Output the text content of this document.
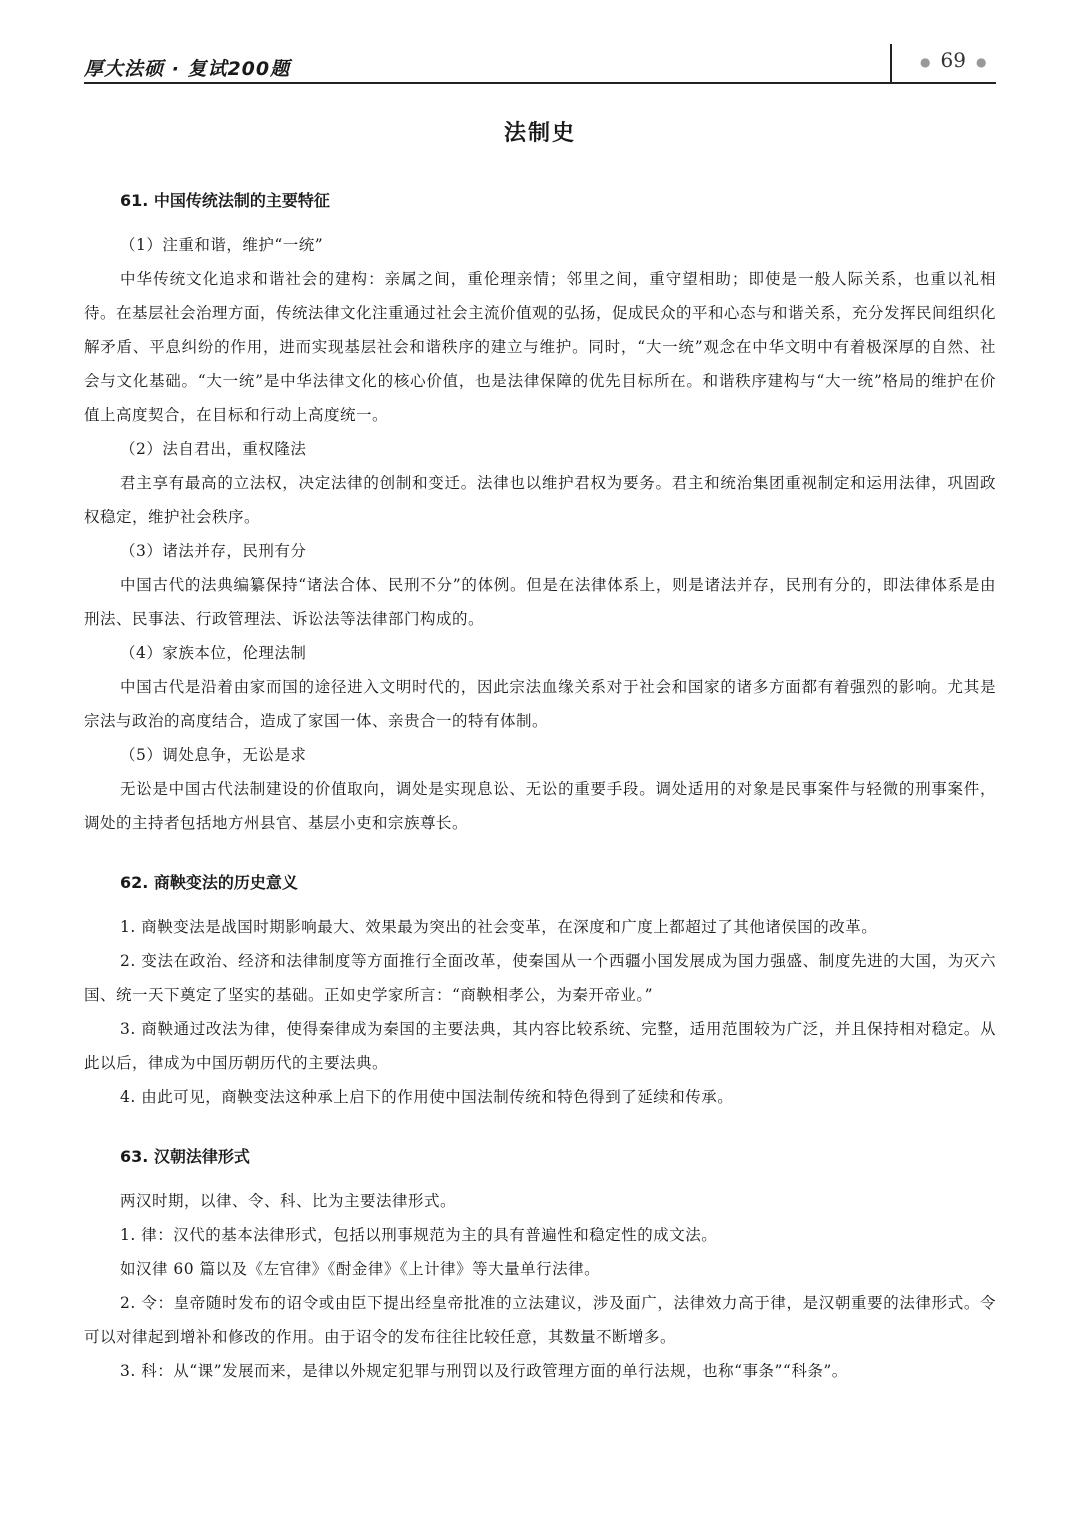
厚大法硕 · 复试200题	● 69 ●
法制史
61. 中国传统法制的主要特征

（1）注重和谐，维护“一统”

中华传统文化追求和谐社会的建构：亲属之间，重伦理亲情；邻里之间，重守望相助；即使是一般人际关系，也重以礼相待。在基层社会治理方面，传统法律文化注重通过社会主流价值观的弘扬，促成民众的平和心态与和谐关系，充分发挥民间组织化解矛盾、平息纠纷的作用，进而实现基层社会和谐秩序的建立与维护。同时，“大一统”观念在中华文明中有着极深厚的自然、社会与文化基础。“大一统”是中华法律文化的核心价值，也是法律保障的优先目标所在。和谐秩序建构与“大一统”格局的维护在价值上高度契合，在目标和行动上高度统一。

（2）法自君出，重权隆法

君主享有最高的立法权，决定法律的创制和变迁。法律也以维护君权为要务。君主和统治集团重视制定和运用法律，巩固政权稳定，维护社会秩序。

（3）诸法并存，民刑有分

中国古代的法典编纂保持“诸法合体、民刑不分”的体例。但是在法律体系上，则是诸法并存，民刑有分的，即法律体系是由刑法、民事法、行政管理法、诉讼法等法律部门构成的。

（4）家族本位，伦理法制

中国古代是沿着由家而国的途径进入文明时代的，因此宗法血缘关系对于社会和国家的诸多方面都有着强烈的影响。尤其是宗法与政治的高度结合，造成了家国一体、亲贵合一的特有体制。

（5）调处息争，无讼是求

无讼是中国古代法制建设的价值取向，调处是实现息讼、无讼的重要手段。调处适用的对象是民事案件与轻微的刑事案件，调处的主持者包括地方州县官、基层小吏和宗族尊长。

62. 商鞅变法的历史意义

1. 商鞅变法是战国时期影响最大、效果最为突出的社会变革，在深度和广度上都超过了其他诸侯国的改革。

2. 变法在政治、经济和法律制度等方面推行全面改革，使秦国从一个西疆小国发展成为国力强盛、制度先进的大国，为灭六国、统一天下奠定了坚实的基础。正如史学家所言：“商鞅相孝公，为秦开帝业。”

3. 商鞅通过改法为律，使得秦律成为秦国的主要法典，其内容比较系统、完整，适用范围较为广泛，并且保持相对稳定。从此以后，律成为中国历朝历代的主要法典。

4. 由此可见，商鞅变法这种承上启下的作用使中国法制传统和特色得到了延续和传承。

63. 汉朝法律形式

两汉时期，以律、令、科、比为主要法律形式。

1. 律：汉代的基本法律形式，包括以刑事规范为主的具有普遍性和稳定性的成文法。

如汉律 60 篇以及《左官律》《酎金律》《上计律》等大量单行法律。

2. 令：皇帝随时发布的诏令或由臣下提出经皇帝批准的立法建议，涉及面广，法律效力高于律，是汉朝重要的法律形式。令可以对律起到增补和修改的作用。由于诏令的发布往往比较任意，其数量不断增多。

3. 科：从“课”发展而来，是律以外规定犯罪与刑罚以及行政管理方面的单行法规，也称“事条”“科条”。
